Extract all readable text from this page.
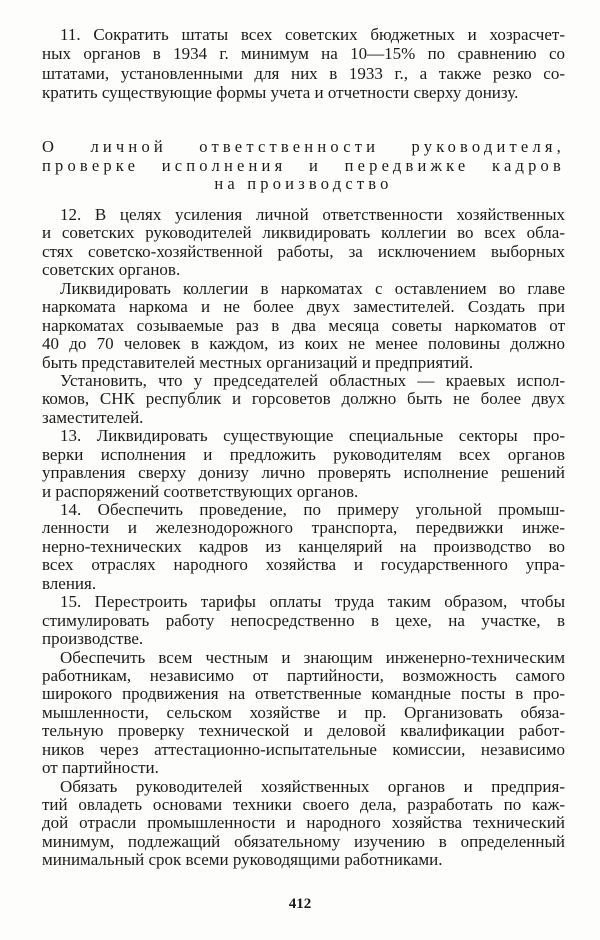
11. Сократить штаты всех советских бюджетных и хозрасчет-
ных органов в 1934 г. минимум на 10—15% по сравнению со
штатами, установленными для них в 1933 г., а также резко со-
кратить существующие формы учета и отчетности сверху донизу.
О личной ответственности руководителя,
проверке исполнения и передвижке кадров
на производство
12. В целях усиления личной ответственности хозяйственных
и советских руководителей ликвидировать коллегии во всех обла-
стях советско-хозяйственной работы, за исключением выборных
советских органов.
Ликвидировать коллегии в наркоматах с оставлением во главе
наркомата наркома и не более двух заместителей. Создать при
наркоматах созываемые раз в два месяца советы наркоматов от
40 до 70 человек в каждом, из коих не менее половины должно
быть представителей местных организаций и предприятий.
Установить, что у председателей областных — краевых испол-
комов, СНК республик и горсоветов должно быть не более двух
заместителей.
13. Ликвидировать существующие специальные секторы про-
верки исполнения и предложить руководителям всех органов
управления сверху донизу лично проверять исполнение решений
и распоряжений соответствующих органов.
14. Обеспечить проведение, по примеру угольной промыш-
ленности и железнодорожного транспорта, передвижки инже-
нерно-технических кадров из канцелярий на производство во
всех отраслях народного хозяйства и государственного упра-
вления.
15. Перестроить тарифы оплаты труда таким образом, чтобы
стимулировать работу непосредственно в цехе, на участке, в
производстве.
Обеспечить всем честным и знающим инженерно-техническим
работникам, независимо от партийности, возможность самого
широкого продвижения на ответственные командные посты в про-
мышленности, сельском хозяйстве и пр. Организовать обяза-
тельную проверку технической и деловой квалификации работ-
ников через аттестационно-испытательные комиссии, независимо
от партийности.
Обязать руководителей хозяйственных органов и предприя-
тий овладеть основами техники своего дела, разработать по каж-
дой отрасли промышленности и народного хозяйства технический
минимум, подлежащий обязательному изучению в определенный
минимальный срок всеми руководящими работниками.
412
